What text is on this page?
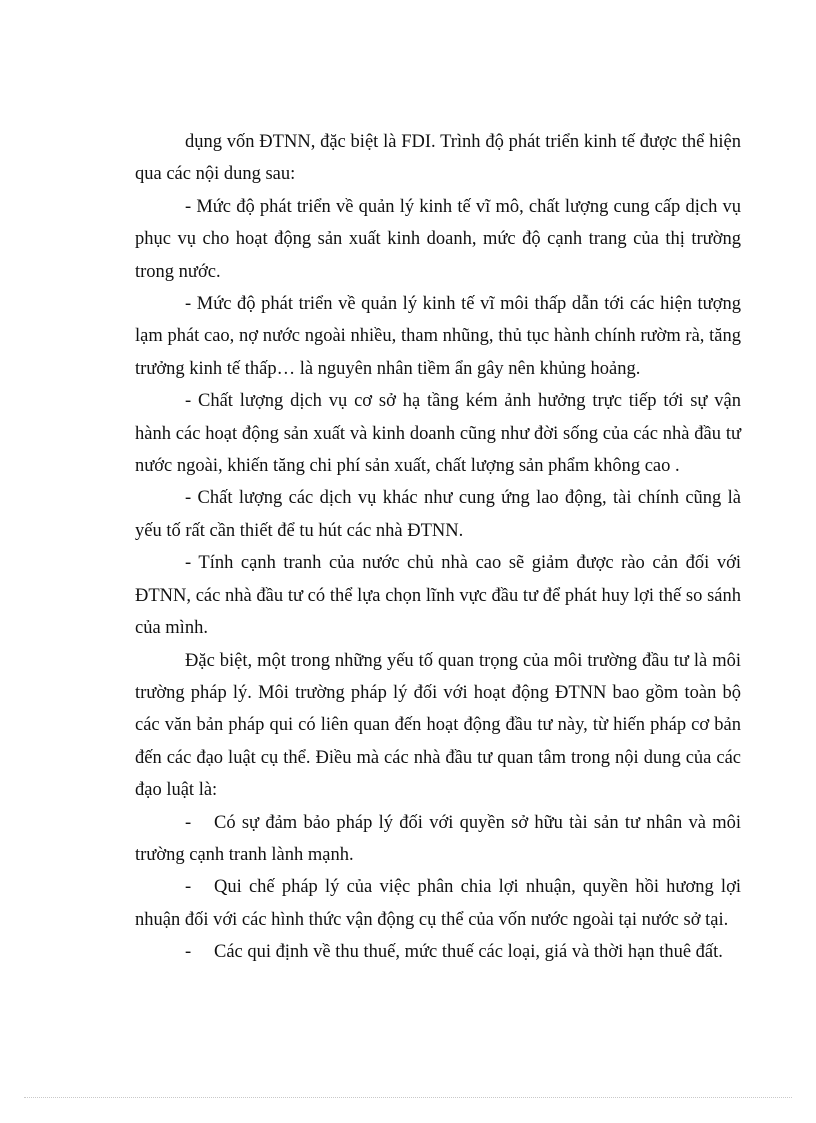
dụng vốn ĐTNN, đặc biệt là FDI. Trình độ phát triển kinh tế được thể hiện qua các nội dung sau:

- Mức độ phát triển về quản lý kinh tế vĩ mô, chất lượng cung cấp dịch vụ phục vụ cho hoạt động sản xuất kinh doanh, mức độ cạnh trang của thị trường trong nước.

- Mức độ phát triển về quản lý kinh tế vĩ môi thấp dẫn tới các hiện tượng lạm phát cao, nợ nước ngoài nhiều, tham nhũng, thủ tục hành chính rườm rà, tăng trưởng kinh tế thấp… là nguyên nhân tiềm ẩn gây nên khủng hoảng.

- Chất lượng dịch vụ cơ sở hạ tầng kém ảnh hưởng trực tiếp tới sự vận hành các hoạt động sản xuất và kinh doanh cũng như đời sống của các nhà đầu tư nước ngoài, khiến tăng chi phí sản xuất, chất lượng sản phẩm không cao .

- Chất lượng các dịch vụ khác như cung ứng lao động, tài chính cũng là yếu tố rất cần thiết để tu hút các nhà ĐTNN.

- Tính cạnh tranh của nước chủ nhà cao sẽ giảm được rào cản đối với ĐTNN, các nhà đầu tư có thể lựa chọn lĩnh vực đầu tư để phát huy lợi thế so sánh của mình.

Đặc biệt, một trong những yếu tố quan trọng của môi trường đầu tư là môi trường pháp lý. Môi trường pháp lý đối với hoạt động ĐTNN bao gồm toàn bộ các văn bản pháp qui có liên quan đến hoạt động đầu tư này, từ hiến pháp cơ bản đến các đạo luật cụ thể. Điều mà các nhà đầu tư quan tâm trong nội dung của các đạo luật là:

- Có sự đảm bảo pháp lý đối với quyền sở hữu tài sản tư nhân và môi trường cạnh tranh lành mạnh.

- Qui chế pháp lý của việc phân chia lợi nhuận, quyền hồi hương lợi nhuận đối với các hình thức vận động cụ thể của vốn nước ngoài tại nước sở tại.

- Các qui định về thu thuế, mức thuế các loại, giá và thời hạn thuê đất.
